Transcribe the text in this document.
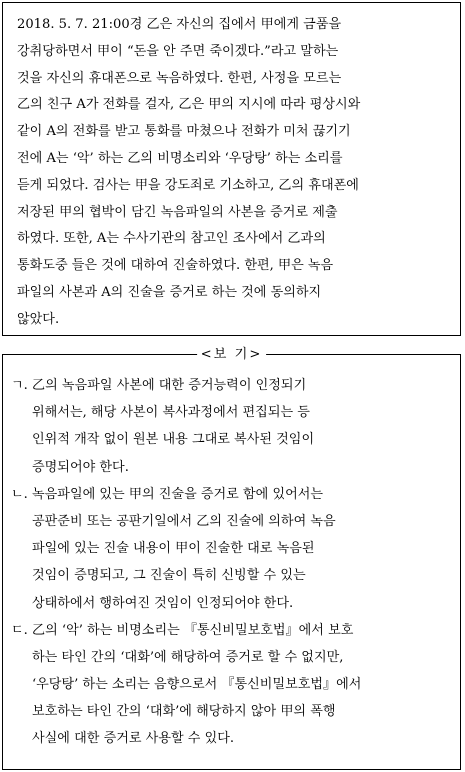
2018. 5. 7. 21:00경 乙은 자신의 집에서 甲에게 금품을
강취당하면서 甲이 “돈을 안 주면 죽이겠다.”라고 말하는
것을 자신의 휴대폰으로 녹음하였다. 한편, 사정을 모르는
乙의 친구 A가 전화를 걸자, 乙은 甲의 지시에 따라 평상시와
같이 A의 전화를 받고 통화를 마쳤으나 전화가 미처 끊기기
전에 A는 ‘악’ 하는 乙의 비명소리와 ‘우당탕’ 하는 소리를
듣게 되었다. 검사는 甲을 강도죄로 기소하고, 乙의 휴대폰에
저장된 甲의 협박이 담긴 녹음파일의 사본을 증거로 제출
하였다. 또한, A는 수사기관의 참고인 조사에서 乙과의
통화도중 들은 것에 대하여 진술하였다. 한편, 甲은 녹음
파일의 사본과 A의 진술을 증거로 하는 것에 동의하지
않았다.
<보 기>
ㄱ. 乙의 녹음파일 사본에 대한 증거능력이 인정되기
위해서는, 해당 사본이 복사과정에서 편집되는 등
인위적 개작 없이 원본 내용 그대로 복사된 것임이
증명되어야 한다.
ㄴ. 녹음파일에 있는 甲의 진술을 증거로 함에 있어서는
공판준비 또는 공판기일에서 乙의 진술에 의하여 녹음
파일에 있는 진술 내용이 甲이 진술한 대로 녹음된
것임이 증명되고, 그 진술이 특히 신빙할 수 있는
상태하에서 행하여진 것임이 인정되어야 한다.
ㄷ. 乙의 ‘악’ 하는 비명소리는 『통신비밀보호법』에서 보호
하는 타인 간의 ‘대화’에 해당하여 증거로 할 수 없지만,
‘우당탕’ 하는 소리는 음향으로서 『통신비밀보호법』에서
보호하는 타인 간의 ‘대화’에 해당하지 않아 甲의 폭행
사실에 대한 증거로 사용할 수 있다.
